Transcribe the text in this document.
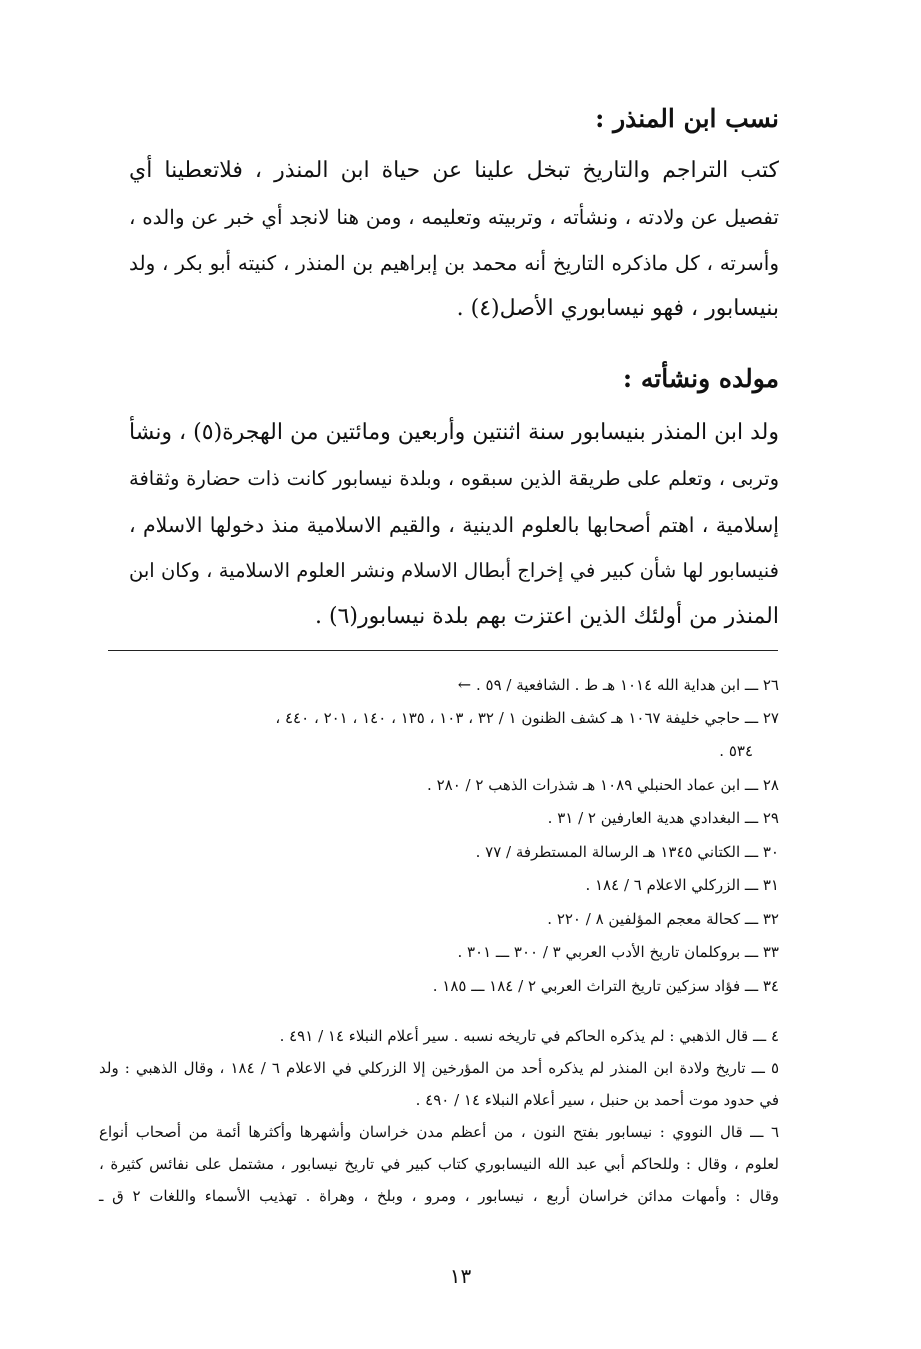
نسب ابن المنذر :
كتب التراجم والتاريخ تبخل علينا عن حياة ابن المنذر ، فلاتعطينا أي
تفصيل عن ولادته ، ونشأته ، وتربيته وتعليمه ، ومن هنا لانجد أي خبر عن والده ،
وأسرته ، كل ماذكره التاريخ أنه محمد بن إبراهيم بن المنذر ، كنيته أبو بكر ، ولد
بنيسابور ، فهو نيسابوري الأصل(٤) .
مولده ونشأته :
ولد ابن المنذر بنيسابور سنة اثنتين وأربعين ومائتين من الهجرة(٥) ، ونشأ
وتربى ، وتعلم على طريقة الذين سبقوه ، وبلدة نيسابور كانت ذات حضارة وثقافة
إسلامية ، اهتم أصحابها بالعلوم الدينية ، والقيم الاسلامية منذ دخولها الاسلام ،
فنيسابور لها شأن كبير في إخراج أبطال الاسلام ونشر العلوم الاسلامية ، وكان ابن
المنذر من أولئك الذين اعتزت بهم بلدة نيسابور(٦) .
٢٦ ـــ ابن هداية الله ١٠١٤ هـ ط . الشافعية / ٥٩ . ←
٢٧ ـــ حاجي خليفة ١٠٦٧ هـ كشف الظنون ١ / ٣٢ ، ١٠٣ ، ١٣٥ ، ١٤٠ ، ٢٠١ ، ٤٤٠ ،
٥٣٤ .
٢٨ ـــ ابن عماد الحنبلي ١٠٨٩ هـ شذرات الذهب ٢ / ٢٨٠ .
٢٩ ـــ البغدادي هدية العارفين ٢ / ٣١ .
٣٠ ـــ الكتاني ١٣٤٥ هـ الرسالة المستطرفة / ٧٧ .
٣١ ـــ الزركلي الاعلام ٦ / ١٨٤ .
٣٢ ـــ كحالة معجم المؤلفين ٨ / ٢٢٠ .
٣٣ ـــ بروكلمان تاريخ الأدب العربي ٣ / ٣٠٠ ـــ ٣٠١ .
٣٤ ـــ فؤاد سزكين تاريخ التراث العربي ٢ / ١٨٤ ـــ ١٨٥ .
٤ ـــ قال الذهبي : لم يذكره الحاكم في تاريخه نسبه . سير أعلام النبلاء ١٤ / ٤٩١ .
٥ ـــ تاريخ ولادة ابن المنذر لم يذكره أحد من المؤرخين إلا الزركلي في الاعلام ٦ / ١٨٤ ، وقال الذهبي : ولد
في حدود موت أحمد بن حنبل ، سير أعلام النبلاء ١٤ / ٤٩٠ .
٦ ـــ قال النووي : نيسابور بفتح النون ، من أعظم مدن خراسان وأشهرها وأكثرها أئمة من أصحاب أنواع
لعلوم ، وقال : وللحاكم أبي عبد الله النيسابوري كتاب كبير في تاريخ نيسابور ، مشتمل على نفائس كثيرة ،
وقال : وأمهات مدائن خراسان أربع ، نيسابور ، ومرو ، وبلخ ، وهراة . تهذيب الأسماء واللغات ٢ ق ـ
١٣
